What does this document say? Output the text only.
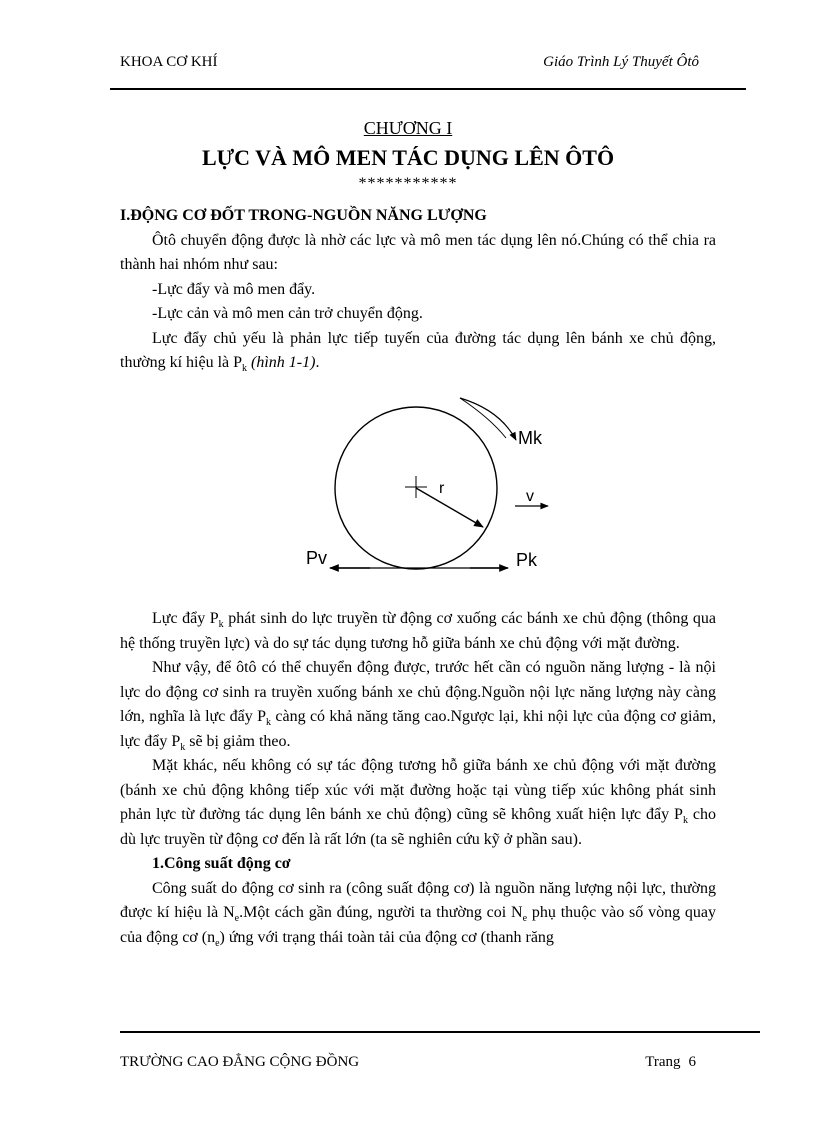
KHOA CƠ KHÍ	Giáo Trình Lý Thuyết Ôtô
CHƯƠNG I
LỰC VÀ MÔ MEN TÁC DỤNG LÊN ÔTÔ
***********
I.ĐỘNG CƠ ĐỐT TRONG-NGUỒN NĂNG LƯỢNG

Ôtô chuyển động được là nhờ các lực và mô men tác dụng lên nó.Chúng có thể chia ra thành hai nhóm như sau:

-Lực đẩy và mô men đẩy.

-Lực cản và mô men cản trở chuyển động.

Lực đẩy chủ yếu là phản lực tiếp tuyến của đường tác dụng lên bánh xe chủ động, thường kí hiệu là $P_k$ (hình 1-1).

Mk
r	v
Pv	Pk

Lực đẩy $P_k$ phát sinh do lực truyền từ động cơ xuống các bánh xe chủ động (thông qua hệ thống truyền lực) và do sự tác dụng tương hỗ giữa bánh xe chủ động với mặt đường.

Như vậy, để ôtô có thể chuyển động được, trước hết cần có nguồn năng lượng - là nội lực do động cơ sinh ra truyền xuống bánh xe chủ động.Nguồn nội lực năng lượng này càng lớn, nghĩa là lực đẩy $P_k$ càng có khả năng tăng cao.Ngược lại, khi nội lực của động cơ giảm, lực đẩy $P_k$ sẽ bị giảm theo.

Mặt khác, nếu không có sự tác động tương hỗ giữa bánh xe chủ động với mặt đường (bánh xe chủ động không tiếp xúc với mặt đường hoặc tại vùng tiếp xúc không phát sinh phản lực từ đường tác dụng lên bánh xe chủ động) cũng sẽ không xuất hiện lực đẩy $P_k$ cho dù lực truyền từ động cơ đến là rất lớn (ta sẽ nghiên cứu kỹ ở phần sau).

1.Công suất động cơ

Công suất do động cơ sinh ra (công suất động cơ) là nguồn năng lượng nội lực, thường được kí hiệu là $N_e.Một$ cách gần đúng, người ta thường coi $N_e$ phụ thuộc vào số vòng quay của động cơ $(n_e)$ ứng với trạng thái toàn tải của động cơ (thanh răng

TRƯỜNG CAO ĐẲNG CỘNG ĐỒNG	Trang 6
